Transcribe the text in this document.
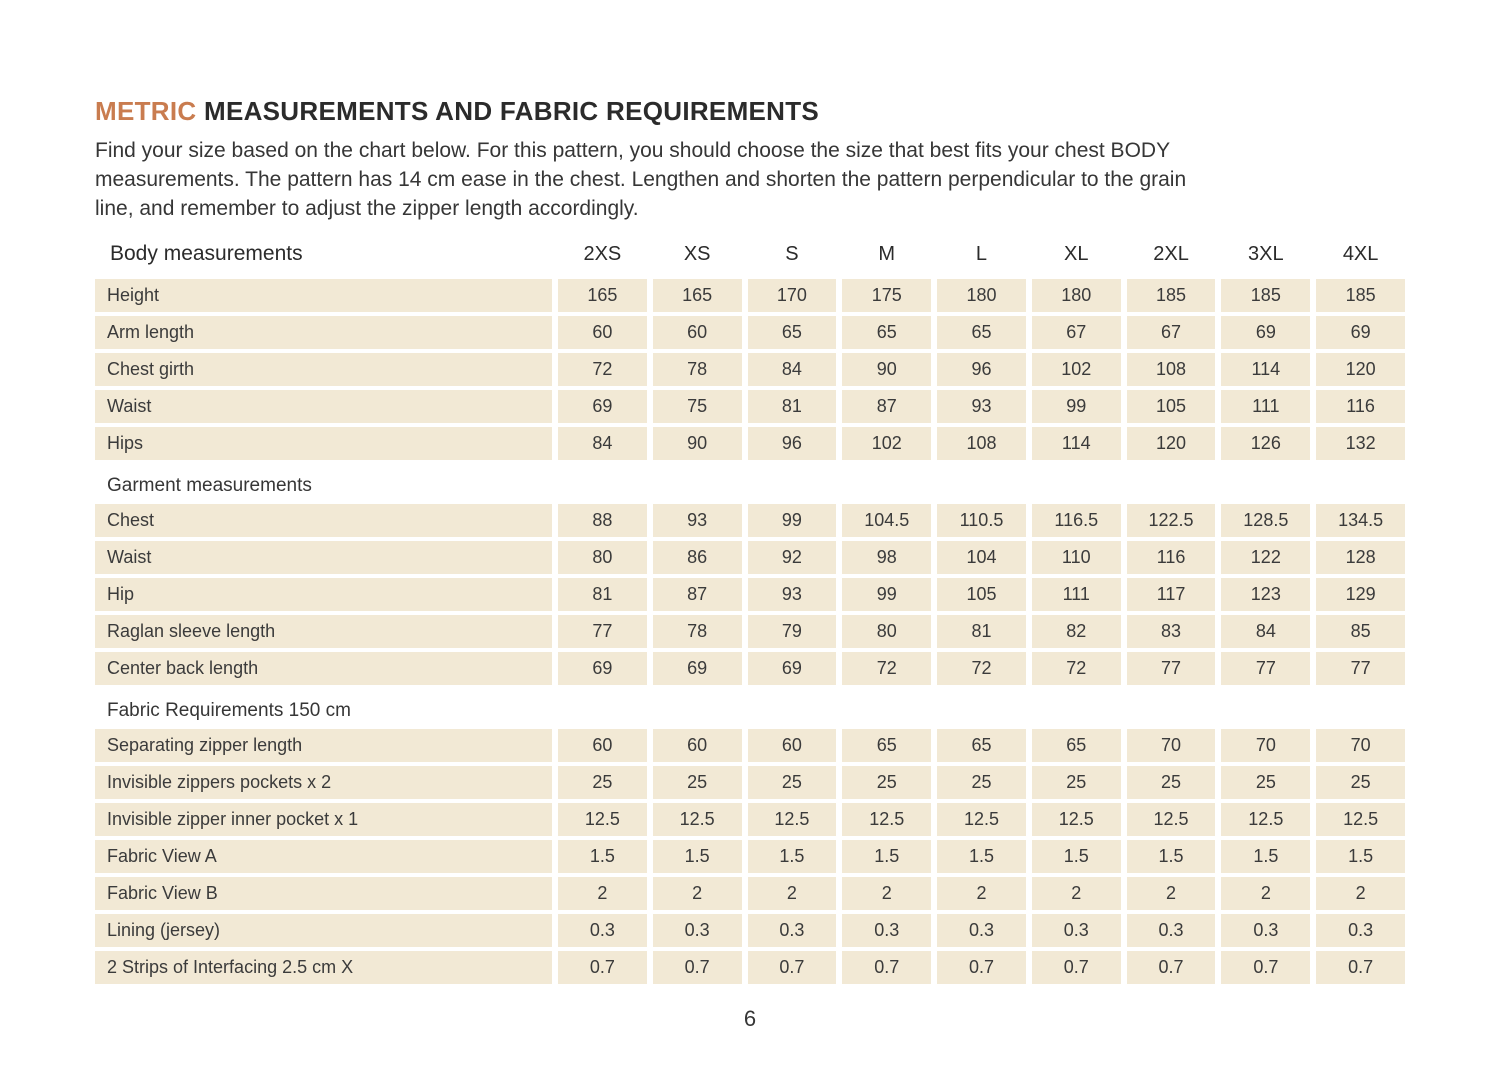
METRIC MEASUREMENTS AND FABRIC REQUIREMENTS
Find your size based on the chart below. For this pattern, you should choose the size that best fits your chest BODY
measurements. The pattern has 14 cm ease in the chest. Lengthen and shorten the pattern perpendicular to the grain
line, and remember to adjust the zipper length accordingly.
Body measurements	2XS	XS	S	M	L	XL	2XL	3XL	4XL
Height	165	165	170	175	180	180	185	185	185
Arm length	60	60	65	65	65	67	67	69	69
Chest girth	72	78	84	90	96	102	108	114	120
Waist	69	75	81	87	93	99	105	111	116
Hips	84	90	96	102	108	114	120	126	132
Garment measurements
Chest	88	93	99	104.5	110.5	116.5	122.5	128.5	134.5
Waist	80	86	92	98	104	110	116	122	128
Hip	81	87	93	99	105	111	117	123	129
Raglan sleeve length	77	78	79	80	81	82	83	84	85
Center back length	69	69	69	72	72	72	77	77	77
Fabric Requirements 150 cm
Separating zipper length	60	60	60	65	65	65	70	70	70
Invisible zippers pockets x 2	25	25	25	25	25	25	25	25	25
Invisible zipper inner pocket x 1	12.5	12.5	12.5	12.5	12.5	12.5	12.5	12.5	12.5
Fabric View A	1.5	1.5	1.5	1.5	1.5	1.5	1.5	1.5	1.5
Fabric View B	2	2	2	2	2	2	2	2	2
Lining (jersey)	0.3	0.3	0.3	0.3	0.3	0.3	0.3	0.3	0.3
2 Strips of Interfacing 2.5 cm X	0.7	0.7	0.7	0.7	0.7	0.7	0.7	0.7	0.7
6
